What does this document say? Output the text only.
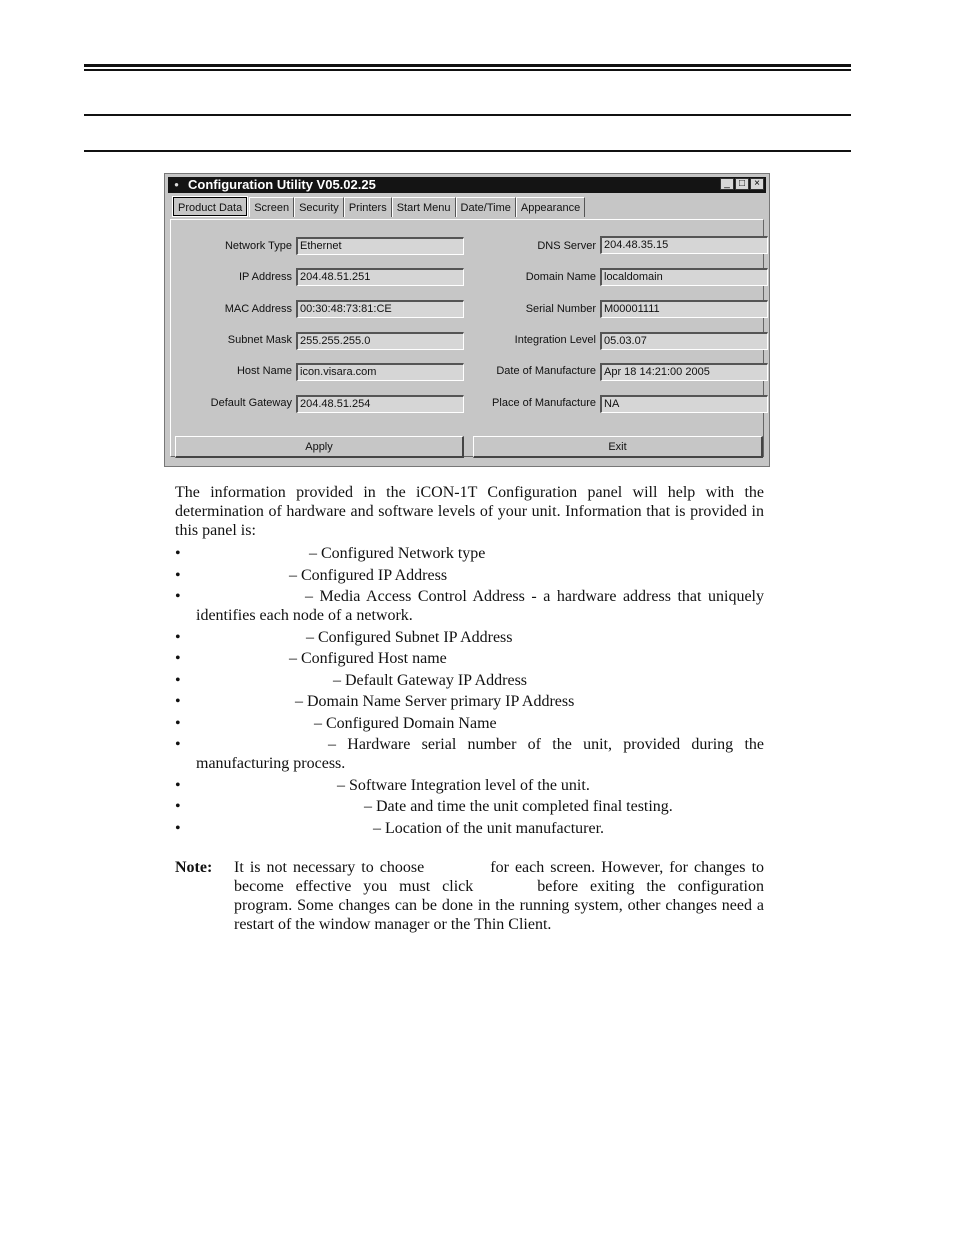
● Configuration Utility V05.02.25	_ □ ×
Product Data	Screen Security Printers Start Menu Date/Time Appearance
Network Type Ethernet
IP Address 204.48.51.251
MAC Address 00:30:48:73:81:CE
Subnet Mask 255.255.255.0
Host Name icon.visara.com
Default Gateway 204.48.51.254
DNS Server 204.48.35.15
Domain Name localdomain
Serial Number M00001111
Integration Level 05.03.07
Date of Manufacture Apr 18 14:21:00 2005
Place of Manufacture NA
Apply	Exit
The information provided in the iCON-1T Configuration panel will help with the determination of hardware and software levels of your unit. Information that is provided in this panel is:
•	– Configured Network type
•	– Configured IP Address
•	– Media Access Control Address - a hardware address that uniquely identifies each node of a network.
•	– Configured Subnet IP Address
•	– Configured Host name
•	– Default Gateway IP Address
•	– Domain Name Server primary IP Address
•	– Configured Domain Name
•	– Hardware serial number of the unit, provided during the manufacturing process.
•	– Software Integration level of the unit.
•	– Date and time the unit completed final testing.
•	– Location of the unit manufacturer.
Note: It is not necessary to choose	for each screen. However, for changes to become effective you must click	before exiting the configuration program. Some changes can be done in the running system, other changes need a restart of the window manager or the Thin Client.
